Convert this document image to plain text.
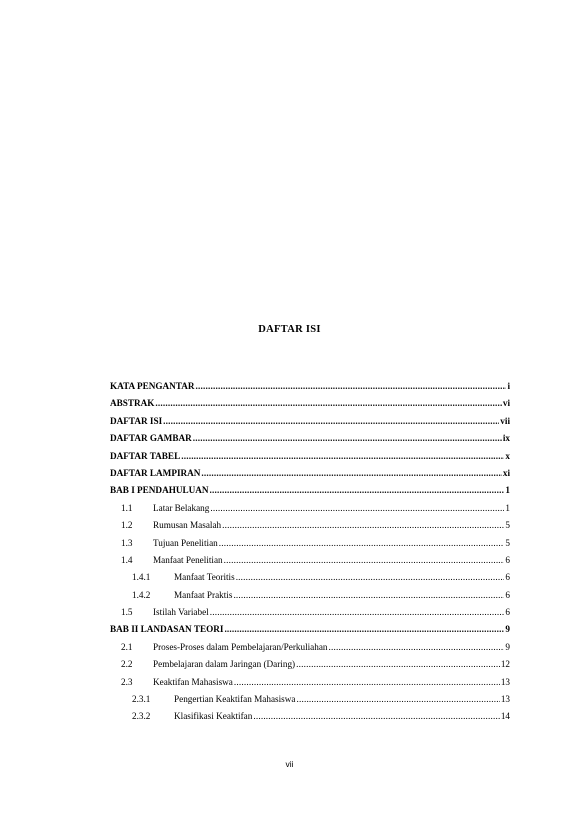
DAFTAR ISI
KATA PENGANTAR .....	i
ABSTRAK .....	vi
DAFTAR ISI .....	vii
DAFTAR GAMBAR .....	ix
DAFTAR TABEL .....	x
DAFTAR LAMPIRAN .....	xi
BAB I PENDAHULUAN .....	1
1.1	Latar Belakang .....	1
1.2	Rumusan Masalah .....	5
1.3	Tujuan Penelitian .....	5
1.4	Manfaat Penelitian .....	6
1.4.1	Manfaat Teoritis .....	6
1.4.2	Manfaat Praktis .....	6
1.5	Istilah Variabel .....	6
BAB II LANDASAN TEORI .....	9
2.1	Proses-Proses dalam Pembelajaran/Perkuliahan .....	9
2.2	Pembelajaran dalam Jaringan (Daring) .....	12
2.3	Keaktifan Mahasiswa .....	13
2.3.1	Pengertian Keaktifan Mahasiswa .....	13
2.3.2	Klasifikasi Keaktifan .....	14
vii
